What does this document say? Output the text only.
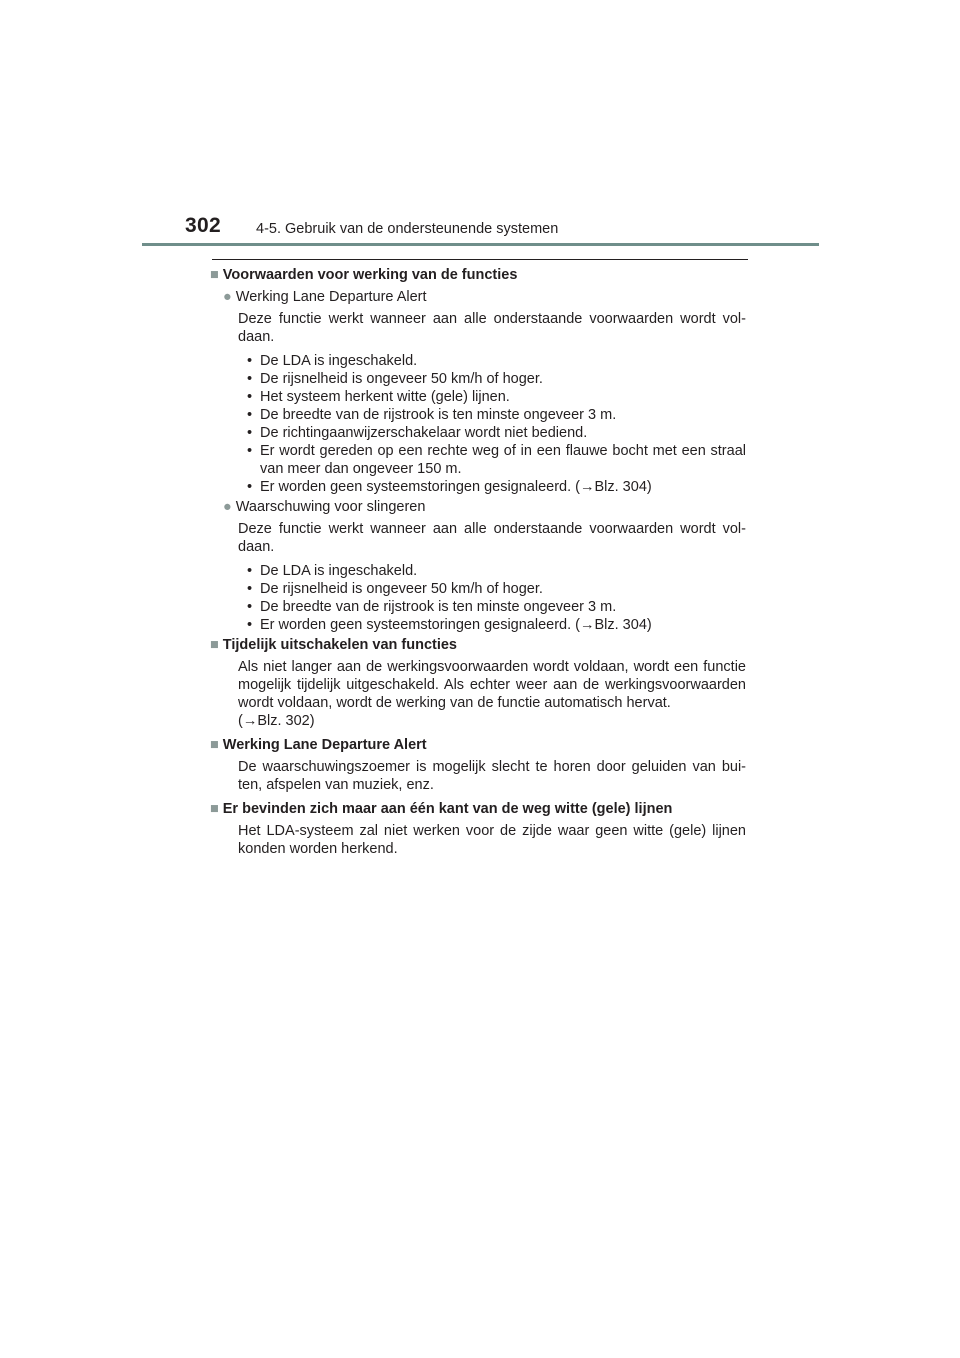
302 4-5. Gebruik van de ondersteunende systemen
■ Voorwaarden voor werking van de functies
● Werking Lane Departure Alert
Deze functie werkt wanneer aan alle onderstaande voorwaarden wordt vol-daan.
• De LDA is ingeschakeld.
• De rijsnelheid is ongeveer 50 km/h of hoger.
• Het systeem herkent witte (gele) lijnen.
• De breedte van de rijstrook is ten minste ongeveer 3 m.
• De richtingaanwijzerschakelaar wordt niet bediend.
• Er wordt gereden op een rechte weg of in een flauwe bocht met een straal van meer dan ongeveer 150 m.
• Er worden geen systeemstoringen gesignaleerd. (→Blz. 304)
● Waarschuwing voor slingeren
Deze functie werkt wanneer aan alle onderstaande voorwaarden wordt vol-daan.
• De LDA is ingeschakeld.
• De rijsnelheid is ongeveer 50 km/h of hoger.
• De breedte van de rijstrook is ten minste ongeveer 3 m.
• Er worden geen systeemstoringen gesignaleerd. (→Blz. 304)
■ Tijdelijk uitschakelen van functies
Als niet langer aan de werkingsvoorwaarden wordt voldaan, wordt een functie mogelijk tijdelijk uitgeschakeld. Als echter weer aan de werkingsvoorwaarden wordt voldaan, wordt de werking van de functie automatisch hervat.
(→Blz. 302)
■ Werking Lane Departure Alert
De waarschuwingszoemer is mogelijk slecht te horen door geluiden van bui-ten, afspelen van muziek, enz.
■ Er bevinden zich maar aan één kant van de weg witte (gele) lijnen
Het LDA-systeem zal niet werken voor de zijde waar geen witte (gele) lijnen konden worden herkend.
